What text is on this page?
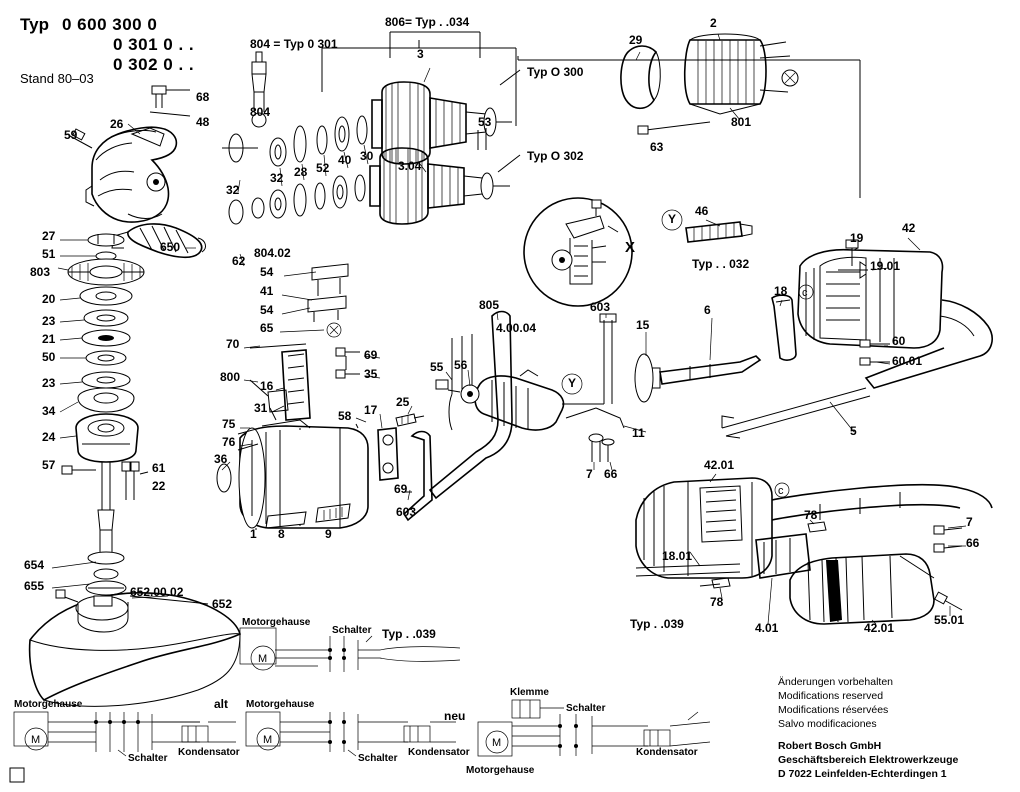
Typ 0 600 300 0
0 301 0 . .
0 302 0 . .
Stand 80–03
806= Typ . .034
804 = Typ 0 301
Typ O 300
Typ O 302
Typ . . 032
Typ . .039
Typ . .039
c
c
M
M	M	M
68
48
26
59
27
51
803
20
23
21
50
23
34
24
57	61
22
650
654
655	652.00.02
652
804
32
32 28 52
40 30
3
3.04
53
29
2
801
63
62
804.02
54
41
54
65
70
800
16
31
75
76
36
69
35
58 17
25
69
603
1 8	9
805
4.00.04
55 56
603
15
6
18
11
7 66
5
46
19
19.01
42
60
60.01
42.01
78
18.01
78
4.01	42.01
7
66
55.01
X
Y
Y
Motorgehause
Schalter
Motorgehause
Schalter
Kondensator
alt Motorgehause
Schalter
Kondensator
neu
Klemme
Schalter
Motorgehause
Kondensator
Änderungen vorbehalten
Modifications reserved
Modifications réservées
Salvo modificaciones
Robert Bosch GmbH
Geschäftsbereich Elektrowerkzeuge
D 7022 Leinfelden-Echterdingen 1
